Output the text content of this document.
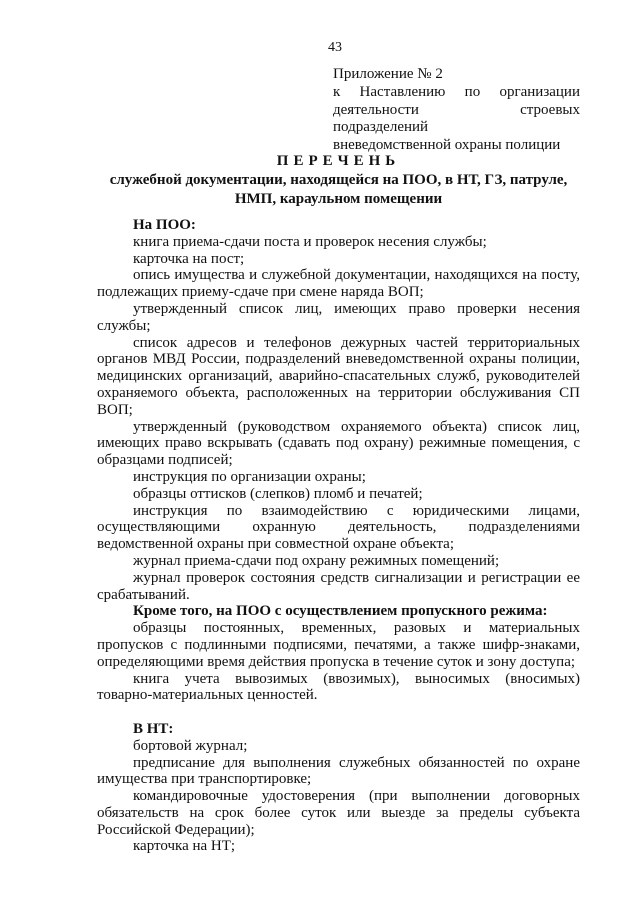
43
Приложение № 2
к Наставлению по организации деятельности строевых подразделений
вневедомственной охраны полиции
ПЕРЕЧЕНЬ
служебной документации, находящейся на ПОО, в НТ, ГЗ, патруле,
НМП, караульном помещении

На ПОО:

книга приема-сдачи поста и проверок несения службы;

карточка на пост;

опись имущества и служебной документации, находящихся на посту, подлежащих приему-сдаче при смене наряда ВОП;

утвержденный список лиц, имеющих право проверки несения службы;

список адресов и телефонов дежурных частей территориальных органов МВД России, подразделений вневедомственной охраны полиции, медицинских организаций, аварийно-спасательных служб, руководителей охраняемого объекта, расположенных на территории обслуживания СП ВОП;

утвержденный (руководством охраняемого объекта) список лиц, имеющих право вскрывать (сдавать под охрану) режимные помещения, с образцами подписей;

инструкция по организации охраны;

образцы оттисков (слепков) пломб и печатей;

инструкция по взаимодействию с юридическими лицами, осуществляющими охранную деятельность, подразделениями ведомственной охраны при совместной охране объекта;

журнал приема-сдачи под охрану режимных помещений;

журнал проверок состояния средств сигнализации и регистрации ее срабатываний.

Кроме того, на ПОО с осуществлением пропускного режима:

образцы постоянных, временных, разовых и материальных пропусков с подлинными подписями, печатями, а также шифр-знаками, определяющими время действия пропуска в течение суток и зону доступа;

книга учета вывозимых (ввозимых), выносимых (вносимых) товарно-материальных ценностей.

В НТ:

бортовой журнал;

предписание для выполнения служебных обязанностей по охране имущества при транспортировке;

командировочные удостоверения (при выполнении договорных обязательств на срок более суток или выезде за пределы субъекта Российской Федерации);

карточка на НТ;
